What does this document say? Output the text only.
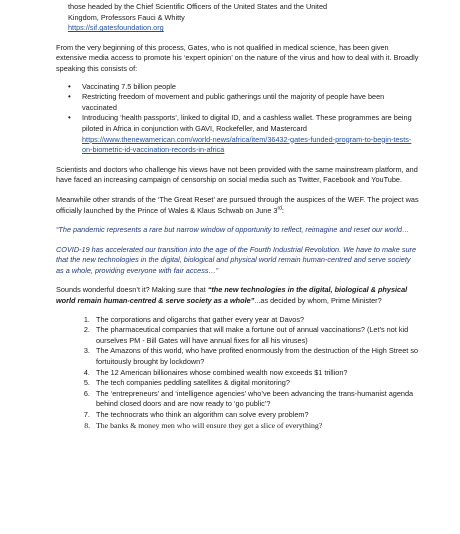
those headed by the Chief Scientific Officers of the United States and the United

Kingdom, Professors Fauci & Whitty

https://sif.gatesfoundation.org

From the very beginning of this process, Gates, who is not qualified in medical science, has been given extensive media access to promote his ‘expert opinion’ on the nature of the virus and how to deal with it. Broadly speaking this consists of:

• Vaccinating 7.5 billion people
• Restricting freedom of movement and public gatherings until the majority of people have been vaccinated
• Introducing ‘health passports’, linked to digital ID, and a cashless wallet. These programmes are being piloted in Africa in conjunction with GAVI, Rockefeller, and Mastercard
https://www.thenewamerican.com/world-news/africa/item/36432-gates-funded-program-to-begin-tests-on-biometric-id-vaccination-records-in-africa

Scientists and doctors who challenge his views have not been provided with the same mainstream platform, and have faced an increasing campaign of censorship on social media such as Twitter, Facebook and YouTube.

Meanwhile other strands of the ‘The Great Reset’ are pursued through the auspices of the WEF. The project was officially launched by the Prince of Wales & Klaus Schwab on June 3rd:

“The pandemic represents a rare but narrow window of opportunity to reflect, reimagine and reset our world…

COVID-19 has accelerated our transition into the age of the Fourth Industrial Revolution. We have to make sure that the new technologies in the digital, biological and physical world remain human-centred and serve society as a whole, providing everyone with fair access…”

Sounds wonderful doesn’t it? Making sure that “the new technologies in the digital, biological & physical world remain human-centred & serve society as a whole”...as decided by whom, Prime Minister?

1. The corporations and oligarchs that gather every year at Davos?
2. The pharmaceutical companies that will make a fortune out of annual vaccinations? (Let’s not kid ourselves PM - Bill Gates will have annual fixes for all his viruses)
3. The Amazons of this world, who have profited enormously from the destruction of the High Street so fortuitously brought by lockdown?
4. The 12 American billionaires whose combined wealth now exceeds $1 trillion?
5. The tech companies peddling satellites & digital monitoring?
6. The ‘entrepreneurs’ and ‘intelligence agencies’ who’ve been advancing the trans-humanist agenda behind closed doors and are now ready to ‘go public’?
7. The technocrats who think an algorithm can solve every problem?
8. The banks & money men who will ensure they get a slice of everything?
